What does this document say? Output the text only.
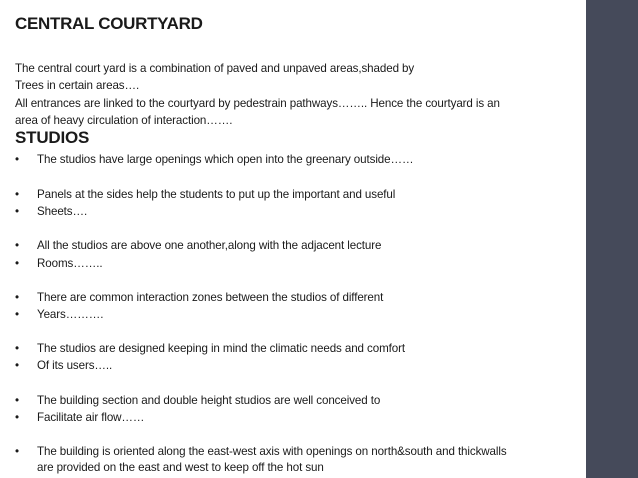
CENTRAL COURTYARD
The central court yard is a combination of paved and unpaved areas,shaded by
Trees in certain areas….
All entrances are linked to the courtyard by pedestrain pathways…….. Hence the courtyard is an
area of heavy circulation of interaction…….
STUDIOS
• The studios have large openings which open into the greenary outside……
• Panels at the sides help the students to put up the important and useful
• Sheets….
• All the studios are above one another,along with the adjacent lecture
• Rooms……..
• There are common interaction zones between the studios of different
• Years……….
• The studios are designed keeping in mind the climatic needs and comfort
• Of its users…..
• The building section and double height studios are well conceived to
• Facilitate air flow……
• The building is oriented along the east-west axis with openings on north&south and thickwalls
are provided on the east and west to keep off the hot sun
